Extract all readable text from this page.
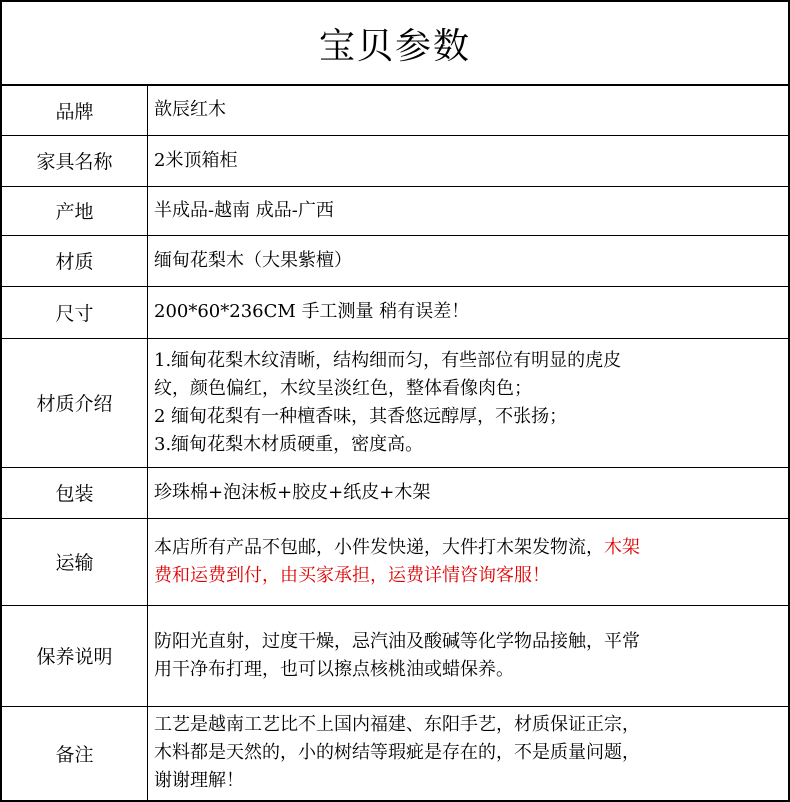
宝贝参数
品牌	歆辰红木
家具名称	2米顶箱柜
产地	半成品-越南 成品-广西
材质	缅甸花梨木（大果紫檀）
尺寸	200*60*236CM 手工测量 稍有误差！
材质介绍	1.缅甸花梨木纹清晰，结构细而匀，有些部位有明显的虎皮
纹，颜色偏红，木纹呈淡红色，整体看像肉色；
2 缅甸花梨有一种檀香味，其香悠远醇厚，不张扬；
3.缅甸花梨木材质硬重，密度高。

包装	珍珠棉+泡沫板+胶皮+纸皮+木架
运输	本店所有产品不包邮，小件发快递，大件打木架发物流，木架
费和运费到付，由买家承担，运费详情咨询客服！

保养说明	防阳光直射，过度干燥，忌汽油及酸碱等化学物品接触，平常
用干净布打理，也可以擦点核桃油或蜡保养。

备注	工艺是越南工艺比不上国内福建、东阳手艺，材质保证正宗，
木料都是天然的，小的树结等瑕疵是存在的，不是质量问题，
谢谢理解！
